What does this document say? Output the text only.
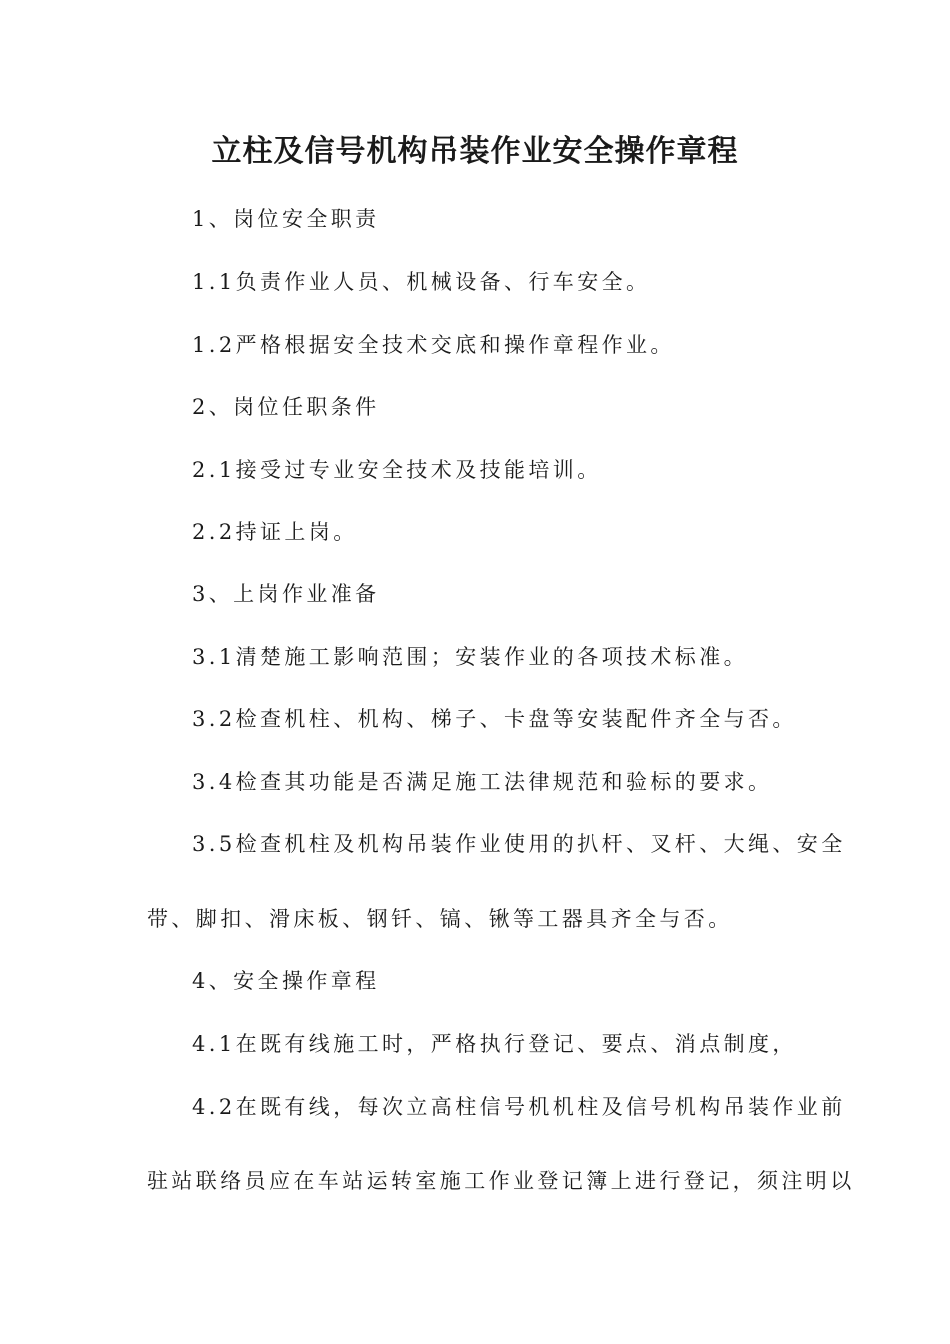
立柱及信号机构吊装作业安全操作章程
1、岗位安全职责
1.1负责作业人员、机械设备、行车安全。
1.2严格根据安全技术交底和操作章程作业。
2、岗位任职条件
2.1接受过专业安全技术及技能培训。
2.2持证上岗。
3、上岗作业准备
3.1清楚施工影响范围；安装作业的各项技术标准。
3.2检查机柱、机构、梯子、卡盘等安装配件齐全与否。
3.4检查其功能是否满足施工法律规范和验标的要求。
3.5检查机柱及机构吊装作业使用的扒杆、叉杆、大绳、安全
带、脚扣、滑床板、钢钎、镐、锹等工器具齐全与否。
4、安全操作章程
4.1在既有线施工时，严格执行登记、要点、消点制度，
4.2在既有线，每次立高柱信号机机柱及信号机构吊装作业前
驻站联络员应在车站运转室施工作业登记簿上进行登记，须注明以
